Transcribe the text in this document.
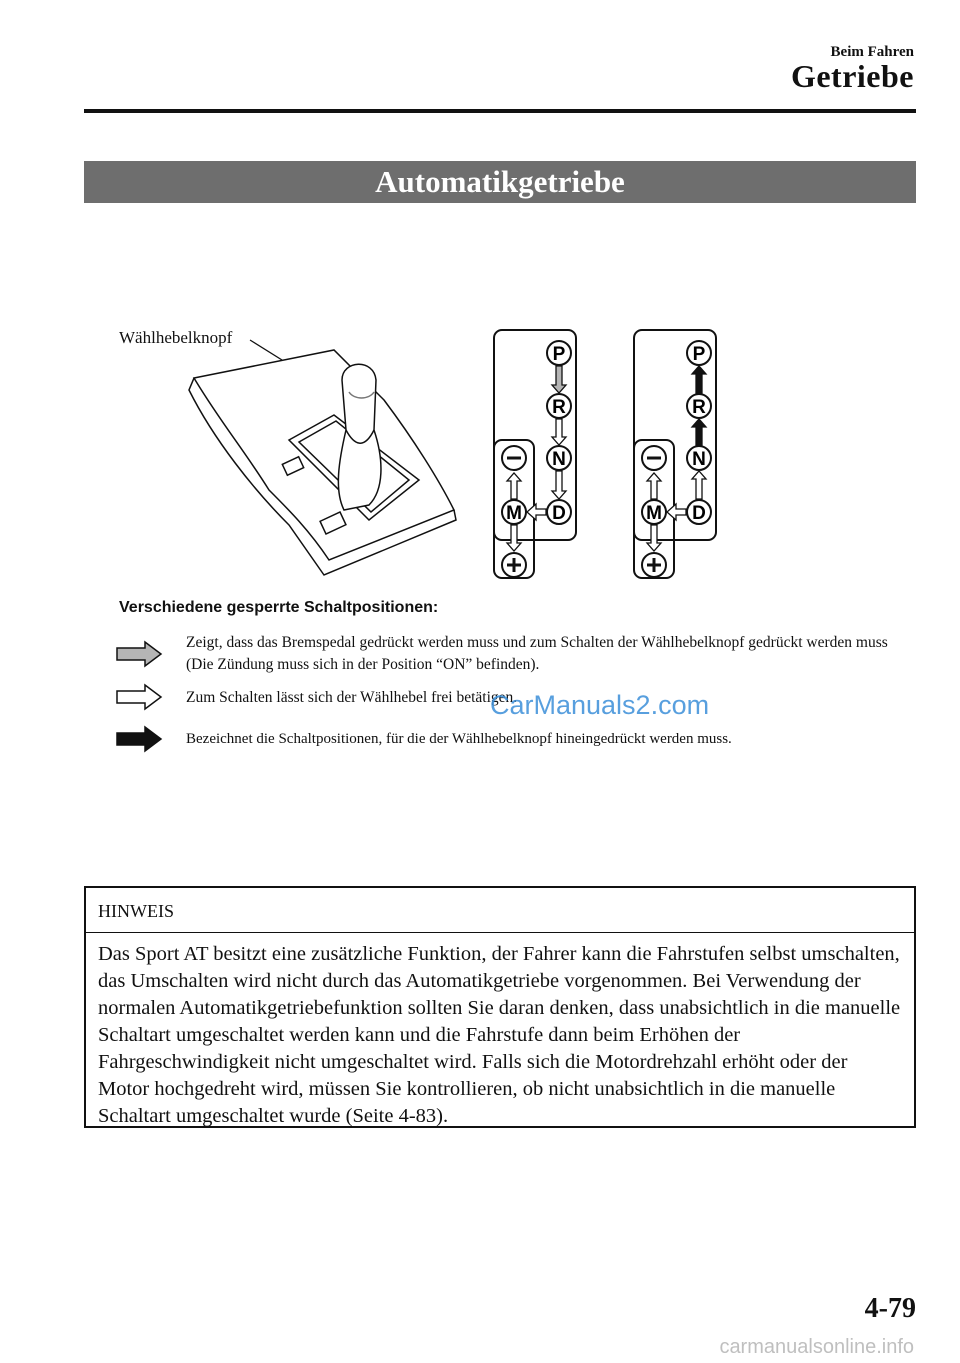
Beim Fahren
Getriebe
Automatikgetriebe
Wählhebelknopf
P
R
N
D
M
P
R
N
D
M
Verschiedene gesperrte Schaltpositionen:
Zeigt, dass das Bremspedal gedrückt werden muss und zum Schalten der Wählhebelknopf gedrückt werden muss (Die Zündung muss sich in der Position “ON” befinden).
Zum Schalten lässt sich der Wählhebel frei betätigen.
Bezeichnet die Schaltpositionen, für die der Wählhebelknopf hineingedrückt werden muss.
CarManuals2.com
HINWEIS
Das Sport AT besitzt eine zusätzliche Funktion, der Fahrer kann die Fahrstufen selbst umschalten, das Umschalten wird nicht durch das Automatikgetriebe vorgenommen. Bei Verwendung der normalen Automatikgetriebefunktion sollten Sie daran denken, dass unabsichtlich in die manuelle Schaltart umgeschaltet werden kann und die Fahrstufe dann beim Erhöhen der Fahrgeschwindigkeit nicht umgeschaltet wird. Falls sich die Motordrehzahl erhöht oder der Motor hochgedreht wird, müssen Sie kontrollieren, ob nicht unabsichtlich in die manuelle Schaltart umgeschaltet wurde (Seite 4-83).
4-79
carmanualsonline.info
